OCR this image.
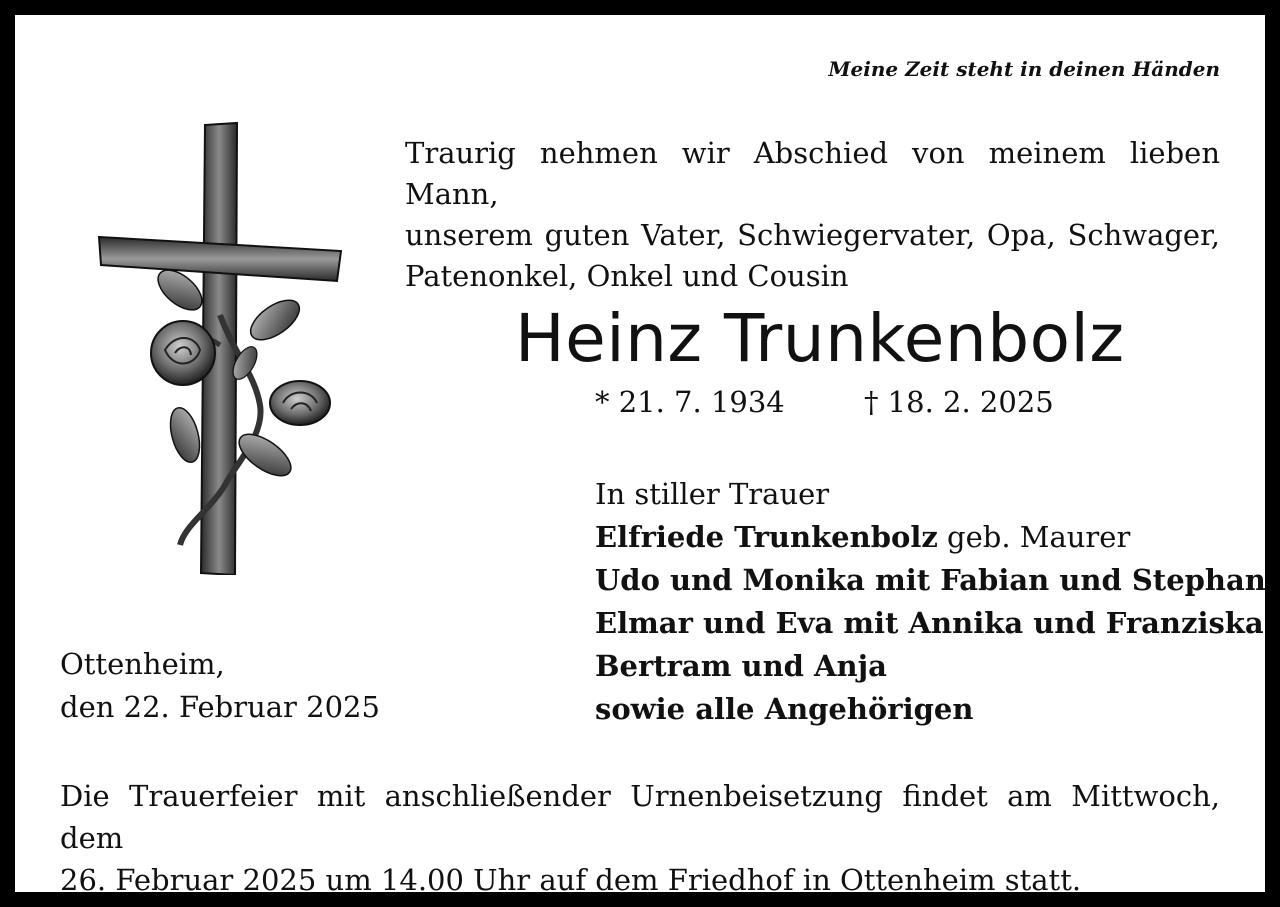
Meine Zeit steht in deinen Händen
Traurig nehmen wir Abschied von meinem lieben Mann,
unserem guten Vater, Schwiegervater, Opa, Schwager,
Patenonkel, Onkel und Cousin
Heinz Trunkenbolz
* 21. 7. 1934	† 18. 2. 2025
In stiller Trauer
Elfriede Trunkenbolz geb. Maurer
Udo und Monika mit Fabian und Stephan
Elmar und Eva mit Annika und Franziska
Bertram und Anja
sowie alle Angehörigen
Ottenheim,
den 22. Februar 2025
Die Trauerfeier mit anschließender Urnenbeisetzung findet am Mittwoch, dem
26. Februar 2025 um 14.00 Uhr auf dem Friedhof in Ottenheim statt.
